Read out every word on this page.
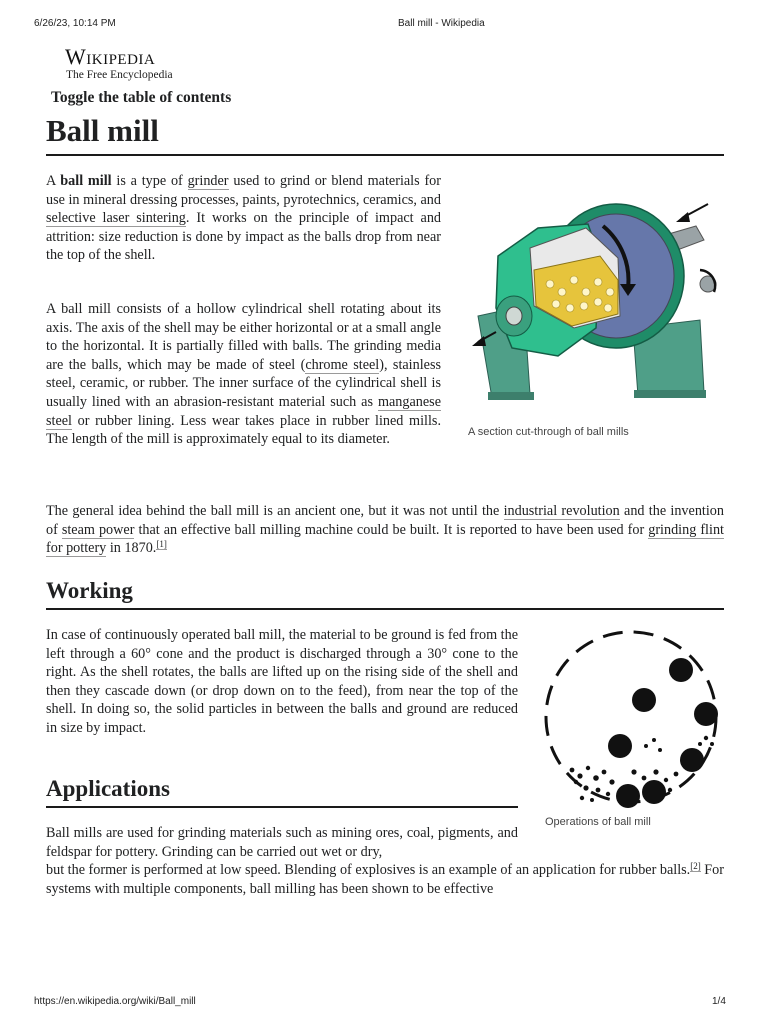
6/26/23, 10:14 PM	Ball mill - Wikipedia
Wikipedia
The Free Encyclopedia
Toggle the table of contents
Ball mill
A ball mill is a type of grinder used to grind or blend materials for use in mineral dressing processes, paints, pyrotechnics, ceramics, and selective laser sintering. It works on the principle of impact and attrition: size reduction is done by impact as the balls drop from near the top of the shell.
A ball mill consists of a hollow cylindrical shell rotating about its axis. The axis of the shell may be either horizontal or at a small angle to the horizontal. It is partially filled with balls. The grinding media are the balls, which may be made of steel (chrome steel), stainless steel, ceramic, or rubber. The inner surface of the cylindrical shell is usually lined with an abrasion-resistant material such as manganese steel or rubber lining. Less wear takes place in rubber lined mills. The length of the mill is approximately equal to its diameter.	A section cut-through of ball mills
The general idea behind the ball mill is an ancient one, but it was not until the industrial revolution and the invention of steam power that an effective ball milling machine could be built. It is reported to have been used for grinding flint for pottery in 1870.[1]
Working
In case of continuously operated ball mill, the material to be ground is fed from the left through a 60° cone and the product is discharged through a 30° cone to the right. As the shell rotates, the balls are lifted up on the rising side of the shell and then they cascade down (or drop down on to the feed), from near the top of the shell. In doing so, the solid particles in between the balls and ground are reduced in size by impact.
Operations of ball mill
Applications
Ball mills are used for grinding materials such as mining ores, coal, pigments, and feldspar for pottery. Grinding can be carried out wet or dry,
but the former is performed at low speed. Blending of explosives is an example of an application for rubber balls.[2] For systems with multiple components, ball milling has been shown to be effective
https://en.wikipedia.org/wiki/Ball_mill	1/4
